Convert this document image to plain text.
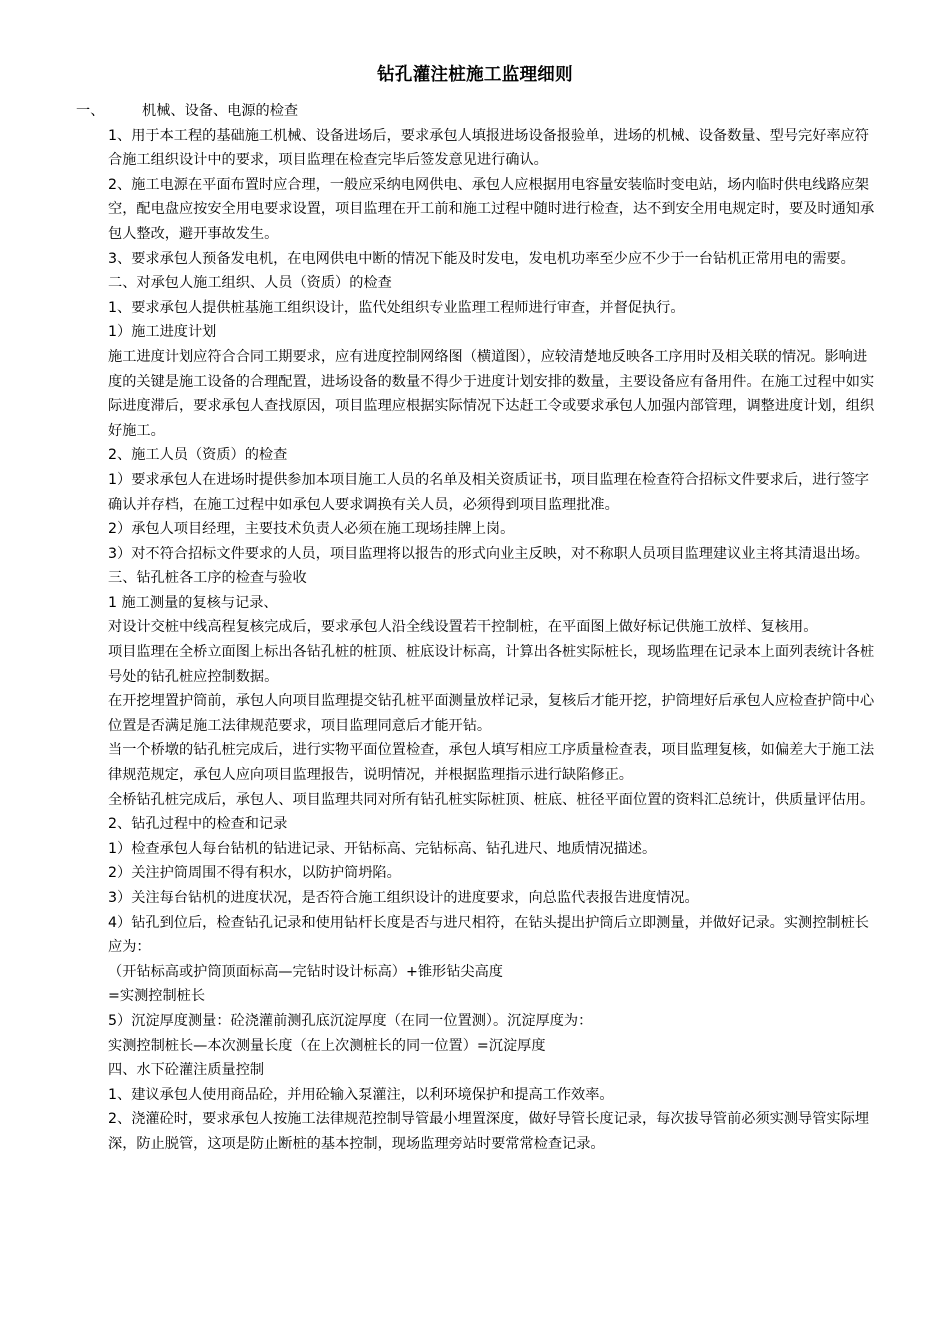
钻孔灌注桩施工监理细则
一、	机械、设备、电源的检查

1、用于本工程的基础施工机械、设备进场后，要求承包人填报进场设备报验单，进场的机械、设备数量、型号完好率应符合施工组织设计中的要求，项目监理在检查完毕后签发意见进行确认。

2、施工电源在平面布置时应合理，一般应采纳电网供电、承包人应根据用电容量安装临时变电站，场内临时供电线路应架空，配电盘应按安全用电要求设置，项目监理在开工前和施工过程中随时进行检查，达不到安全用电规定时，要及时通知承包人整改，避开事故发生。

3、要求承包人预备发电机，在电网供电中断的情况下能及时发电，发电机功率至少应不少于一台钻机正常用电的需要。

二、对承包人施工组织、人员（资质）的检查

1、要求承包人提供桩基施工组织设计，监代处组织专业监理工程师进行审查，并督促执行。

1）施工进度计划

施工进度计划应符合合同工期要求，应有进度控制网络图（横道图），应较清楚地反映各工序用时及相关联的情况。影响进度的关键是施工设备的合理配置，进场设备的数量不得少于进度计划安排的数量，主要设备应有备用件。在施工过程中如实际进度滞后，要求承包人查找原因，项目监理应根据实际情况下达赶工令或要求承包人加强内部管理，调整进度计划，组织好施工。

2、施工人员（资质）的检查

1）要求承包人在进场时提供参加本项目施工人员的名单及相关资质证书，项目监理在检查符合招标文件要求后，进行签字确认并存档，在施工过程中如承包人要求调换有关人员，必须得到项目监理批准。

2）承包人项目经理，主要技术负责人必须在施工现场挂牌上岗。

3）对不符合招标文件要求的人员，项目监理将以报告的形式向业主反映，对不称职人员项目监理建议业主将其清退出场。

三、钻孔桩各工序的检查与验收

1 施工测量的复核与记录、

对设计交桩中线高程复核完成后，要求承包人沿全线设置若干控制桩，在平面图上做好标记供施工放样、复核用。

项目监理在全桥立面图上标出各钻孔桩的桩顶、桩底设计标高，计算出各桩实际桩长，现场监理在记录本上面列表统计各桩号处的钻孔桩应控制数据。

在开挖埋置护筒前，承包人向项目监理提交钻孔桩平面测量放样记录，复核后才能开挖，护筒埋好后承包人应检查护筒中心位置是否满足施工法律规范要求，项目监理同意后才能开钻。

当一个桥墩的钻孔桩完成后，进行实物平面位置检查，承包人填写相应工序质量检查表，项目监理复核，如偏差大于施工法律规范规定，承包人应向项目监理报告，说明情况，并根据监理指示进行缺陷修正。

全桥钻孔桩完成后，承包人、项目监理共同对所有钻孔桩实际桩顶、桩底、桩径平面位置的资料汇总统计，供质量评估用。

2、钻孔过程中的检查和记录

1）检查承包人每台钻机的钻进记录、开钻标高、完钻标高、钻孔进尺、地质情况描述。

2）关注护筒周围不得有积水，以防护筒坍陷。

3）关注每台钻机的进度状况，是否符合施工组织设计的进度要求，向总监代表报告进度情况。

4）钻孔到位后，检查钻孔记录和使用钻杆长度是否与进尺相符，在钻头提出护筒后立即测量，并做好记录。实测控制桩长应为：

（开钻标高或护筒顶面标高—完钻时设计标高）+锥形钻尖高度

=实测控制桩长

5）沉淀厚度测量：砼浇灌前测孔底沉淀厚度（在同一位置测）。沉淀厚度为：

实测控制桩长—本次测量长度（在上次测桩长的同一位置）=沉淀厚度

四、水下砼灌注质量控制

1、建议承包人使用商品砼，并用砼输入泵灌注，以利环境保护和提高工作效率。

2、浇灌砼时，要求承包人按施工法律规范控制导管最小埋置深度，做好导管长度记录，每次拔导管前必须实测导管实际埋深，防止脱管，这项是防止断桩的基本控制，现场监理旁站时要常常检查记录。
